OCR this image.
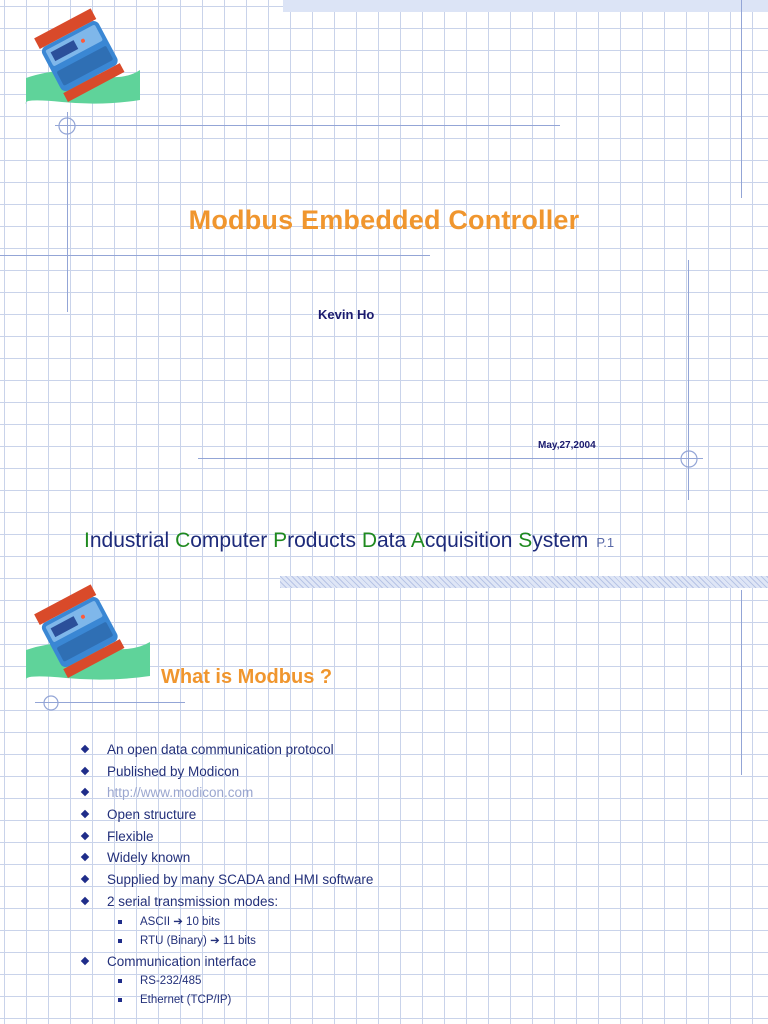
Modbus Embedded Controller
Kevin Ho
May,27,2004
Industrial Computer Products Data Acquisition System P.1
What is Modbus ?
An open data communication protocol
Published by Modicon
http://www.modicon.com
Open structure
Flexible
Widely known
Supplied by many SCADA and HMI software
2 serial transmission modes:
ASCII ➔ 10 bits
RTU (Binary) ➔ 11 bits
Communication interface
RS-232/485
Ethernet (TCP/IP)
